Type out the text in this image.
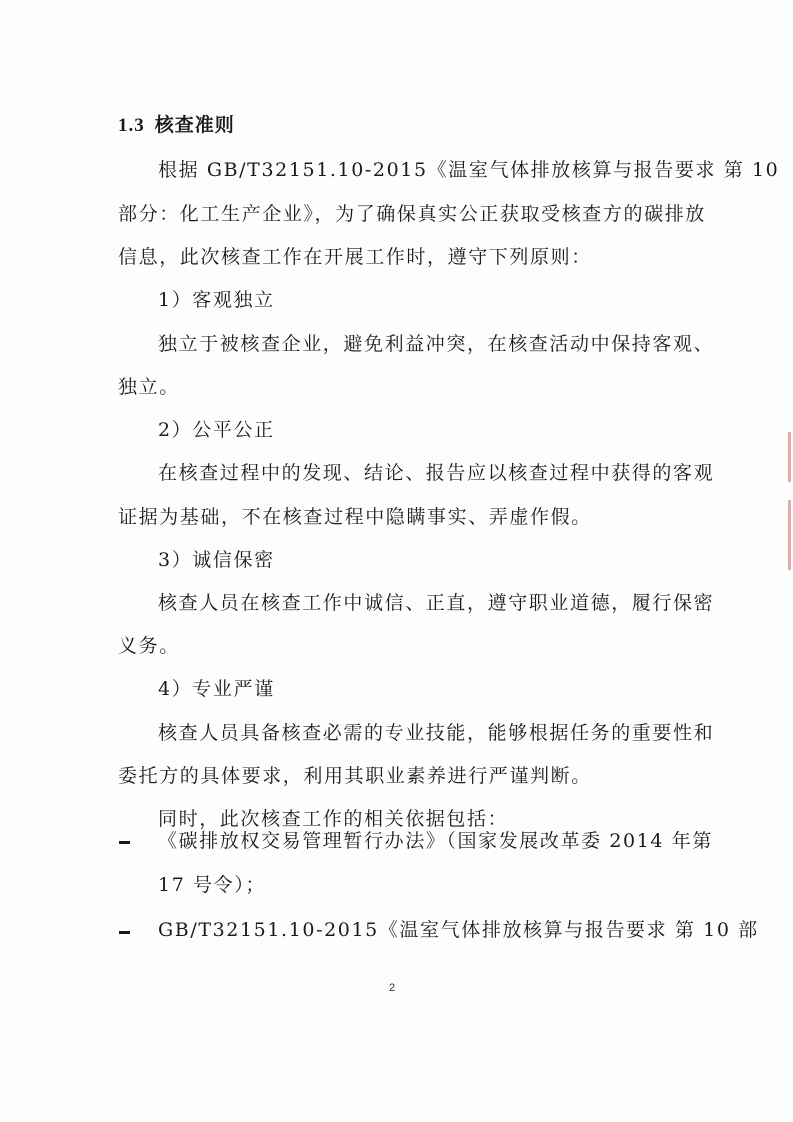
1.3 核查准则
根据 GB/T32151.10-2015《温室气体排放核算与报告要求 第 10
部分：化工生产企业》，为了确保真实公正获取受核查方的碳排放
信息，此次核查工作在开展工作时，遵守下列原则：
1）客观独立
独立于被核查企业，避免利益冲突，在核查活动中保持客观、
独立。
2）公平公正
在核查过程中的发现、结论、报告应以核查过程中获得的客观
证据为基础，不在核查过程中隐瞒事实、弄虚作假。
3）诚信保密
核查人员在核查工作中诚信、正直，遵守职业道德，履行保密
义务。
4）专业严谨
核查人员具备核查必需的专业技能，能够根据任务的重要性和
委托方的具体要求，利用其职业素养进行严谨判断。
同时，此次核查工作的相关依据包括：
《碳排放权交易管理暂行办法》（国家发展改革委 2014 年第
17 号令）；
GB/T32151.10-2015《温室气体排放核算与报告要求 第 10 部
2
